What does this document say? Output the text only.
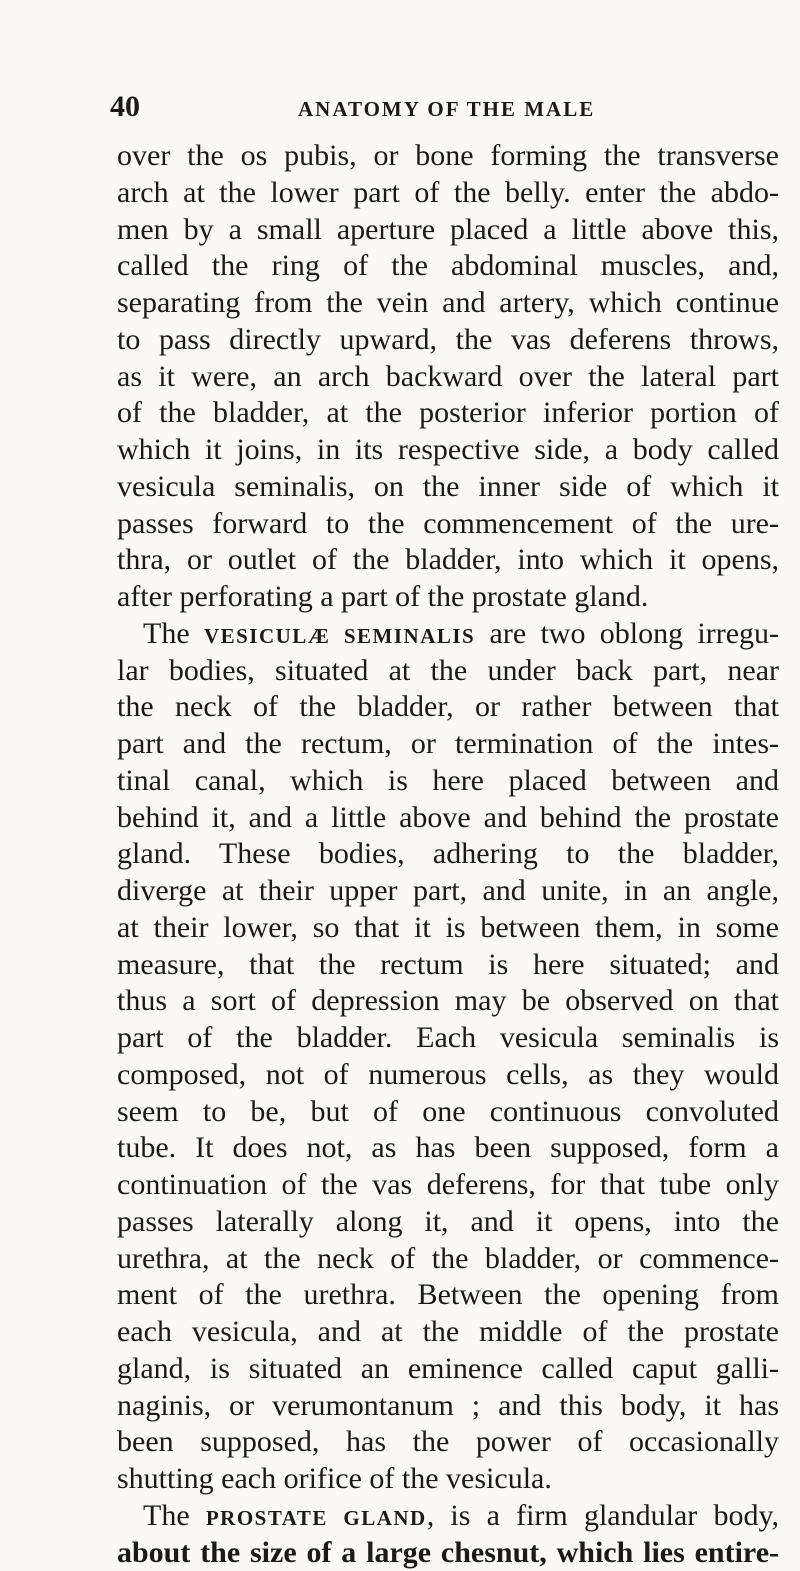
40	ANATOMY OF THE MALE
over the os pubis, or bone forming the transverse
arch at the lower part of the belly. enter the abdo-
men by a small aperture placed a little above this,
called the ring of the abdominal muscles, and,
separating from the vein and artery, which continue
to pass directly upward, the vas deferens throws,
as it were, an arch backward over the lateral part
of the bladder, at the posterior inferior portion of
which it joins, in its respective side, a body called
vesicula seminalis, on the inner side of which it
passes forward to the commencement of the ure-
thra, or outlet of the bladder, into which it opens,
after perforating a part of the prostate gland.
The VESICULÆ SEMINALIS are two oblong irregu-
lar bodies, situated at the under back part, near
the neck of the bladder, or rather between that
part and the rectum, or termination of the intes-
tinal canal, which is here placed between and
behind it, and a little above and behind the prostate
gland. These bodies, adhering to the bladder,
diverge at their upper part, and unite, in an angle,
at their lower, so that it is between them, in some
measure, that the rectum is here situated; and
thus a sort of depression may be observed on that
part of the bladder. Each vesicula seminalis is
composed, not of numerous cells, as they would
seem to be, but of one continuous convoluted
tube. It does not, as has been supposed, form a
continuation of the vas deferens, for that tube only
passes laterally along it, and it opens, into the
urethra, at the neck of the bladder, or commence-
ment of the urethra. Between the opening from
each vesicula, and at the middle of the prostate
gland, is situated an eminence called caput galli-
naginis, or verumontanum ; and this body, it has
been supposed, has the power of occasionally
shutting each orifice of the vesicula.
The PROSTATE GLAND, is a firm glandular body,
about the size of a large chesnut, which lies entire-
